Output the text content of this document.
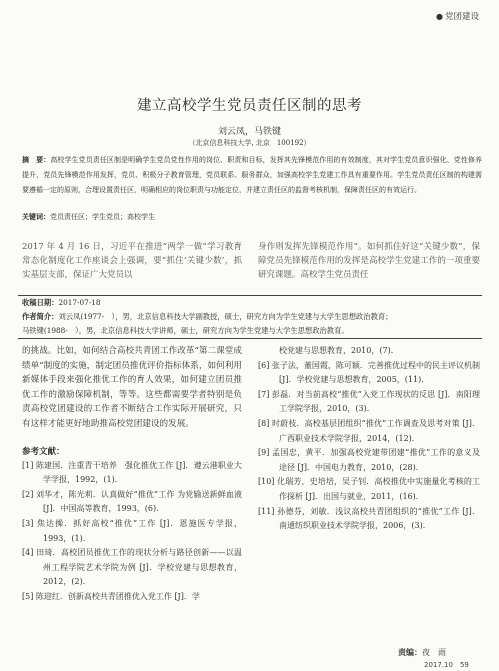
● 党团建设
建立高校学生党员责任区制的思考
刘云凤，马铁键
（北京信息科技大学, 北京　100192）
摘　要：高校学生党员责任区制是明确学生党员党性作用的岗位、职责和目标，发挥其先锋模范作用的有效制度，其对学生党员意识强化、党性修养提升，党员先锋模范作用发挥，党员、积极分子教育管理，党员联系、服务群众，加强高校学生党建工作具有重要作用。学生党员责任区制的构建需要遵循一定的原则，合理设置责任区，明确相应的岗位职责与功能定位，并建立责任区的监督考核机制，保障责任区的有效运行。
关键词：党员责任区；学生党员；高校学生
2017 年 4 月 16 日，习近平在推进“两学一做”学习教育常态化制度化工作座谈会上强调，要“抓住‘关键少数’，抓实基层支部，保证广大党员以
身作则发挥先锋模范作用”。如何抓住好这“关键少数”，保障党员先锋模范作用的发挥是高校学生党建工作的一项重要研究课题。高校学生党员责任
收稿日期：2017-07-18
作者简介：刘云凤(1977-　），男，北京信息科技大学副教授，硕士，研究方向为学生党建与大学生思想政治教育；
马铁键(1988-　），男，北京信息科技大学讲师，硕士，研究方向为学生党建与大学生思想政治教育。
的挑战。比如，如何结合高校共青团工作改革“第二课堂成绩单”制度的实施，制定团员推优评价指标体系，如何利用新媒体手段来强化推优工作的育人效果，如何建立团员推优工作的激励保障机制，等等。这些都需要学者特别是负责高校党团建设的工作者不断结合工作实际开展研究，只有这样才能更好地助推高校党团建设的发展。
参考文献：
[1] 陈建国．注重青干培养　强化推优工作 [J]．遵云港职业大学学报，1992，(1)．
[2] 刘华才，陈光莉．认真做好“推优”工作 为党输送新鲜血液 [J]．中国高等教育，1993，(6)．
[3] 焦达操．抓好高校“推优”工作 [J]．恩施医专学报，1993，(1)．
[4] 田琦．高校团员推优工作的现状分析与路径创新——以温州工程学院艺术学院为例 [J]．学校党建与思想教育，2012，(2)．
[5] 陈迎红．创新高校共青团推优入党工作 [J]．学
校党建与思想教育，2010，(7)．
[6] 张子法，董国霞，陈可颖．完善推优过程中的民主评议机制 [J]．学校党建与思想教育，2005，(11)．
[7] 彭磊．对当前高校“推优”入党工作现状的反思 [J]．南阳理工学院学报，2010，(3)．
[8] 时蔚枝．高校基层团组织“推优”工作调查及思考对策 [J]．广西职业技术学院学报，2014，(12)．
[9] 孟国忠，黄平．加强高校党建带团建“推优”工作的意义及途径 [J]．中国电力教育，2010，(28)．
[10] 化瑞芳，史培培，吴子钊．高校推优中实施量化考核的工作探析 [J]．出国与就业，2011，(16)．
[11] 孙德芬，刘敏．浅议高校共青团组织的“推优”工作 [J]．南通纺织职业技术学院学报，2006，(3)．
责编：夜　雨
2017.10　59
